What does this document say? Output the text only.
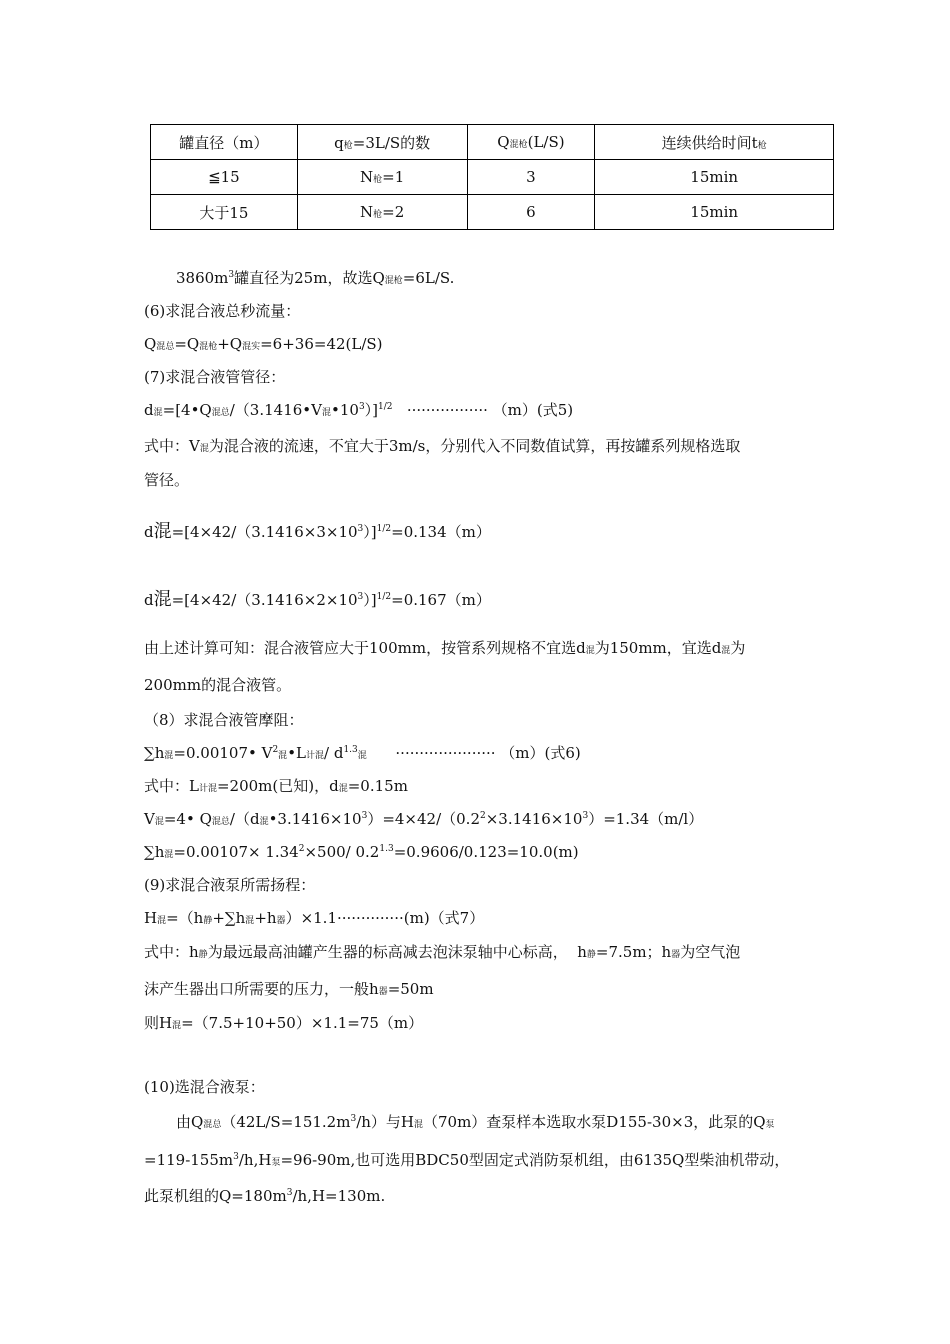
罐直径（m）	q枪=3L/S的数	Q混枪(L/S)	连续供给时间t枪
≦15	N枪=1	3	15min
大于15	N枪=2	6	15min
$3860m^3$罐直径为25m，故选Q混枪=6L/S.
(6)求混合液总秒流量：
Q混总=Q混枪+Q混实=6+36=42(L/S)
(7)求混合液管管径：
d混=[4•Q混总/（3.1416•V混$•10^3)]^{1/2}$   ················· （m）(式5)
式中：V混为混合液的流速，不宜大于3m/s，分别代入不同数值试算，再按罐系列规格选取
管径。
d混$=[4\times 42/(3.1416\times 3\times 10^3)]^{1/2}=0.134(m)$
d混$=[4\times 42/(3.1416\times 2\times 10^3)]^{1/2}=0.167(m)$
由上述计算可知：混合液管应大于100mm，按管系列规格不宜选d混为150mm，宜选d混为
200mm的混合液管。
（8）求混合液管摩阻：
∑h混=0.00107• $V^2$混•L计混/ $d^{1.3}$混      ····················· （m）(式6)
式中：L计混=200m(已知)，d混=0.15m
V混=4• Q混总/（d混$•3.1416\times 10^3)=4\times 42/(0.2^2\times 3.1416\times 10^3)=1.34(m/l)$
∑h混$=0.00107\times 1.34^2\times 500/$ $0.2^{1.3}=0.9606/0.123=10.0(m)$
(9)求混合液泵所需扬程：
H混=（h静+∑h混+h器）×1.1··············(m)（式7）
式中：h静为最远最高油罐产生器的标高减去泡沫泵轴中心标高，  h静=7.5m；h器为空气泡
沫产生器出口所需要的压力，一般h器=50m
则H混=（7.5+10+50）×1.1=75（m）
(10)选混合液泵：
由Q混总$(42L/S=151.2m^3/h)$与H混（70m）查泵样本选取水泵D155-30×3，此泵的Q泵
$=119-155m^3/h,H$泵=96-90m,也可选用BDC50型固定式消防泵机组，由6135Q型柴油机带动，
此泵机组的$Q=180m^3/h,H=130m$.
